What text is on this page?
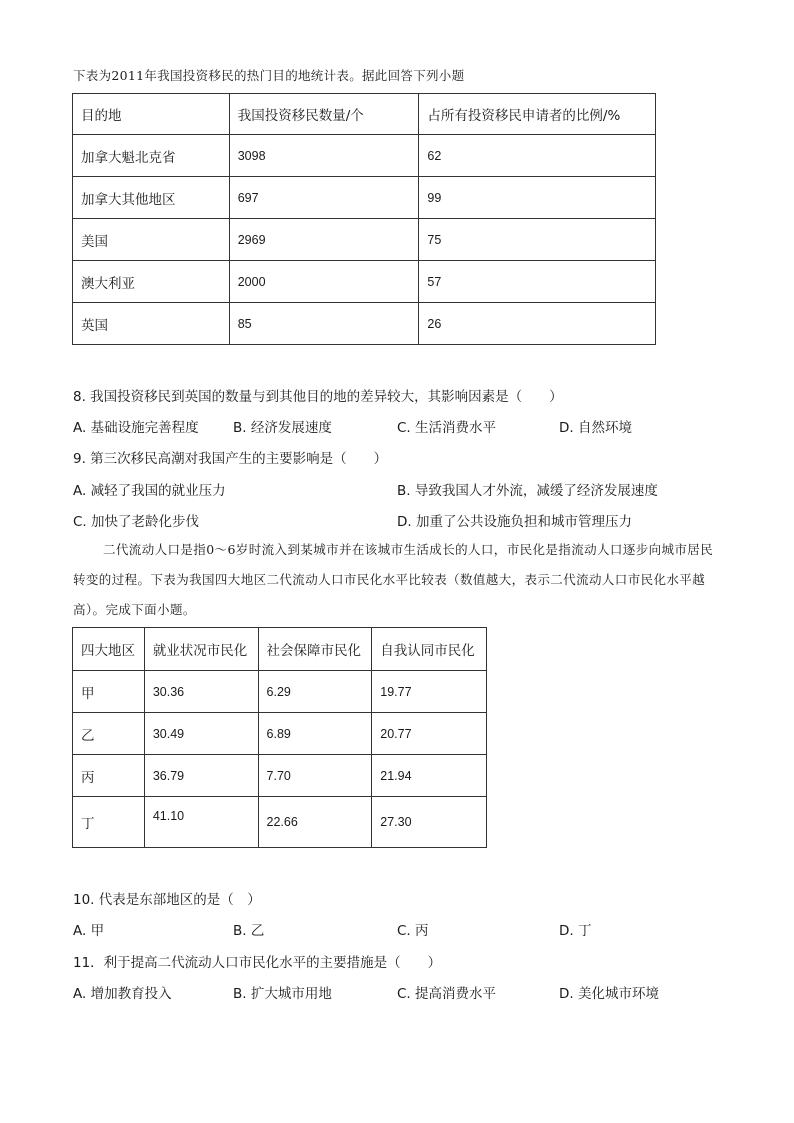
下表为2011年我国投资移民的热门目的地统计表。据此回答下列小题
目的地	我国投资移民数量/个	占所有投资移民申请者的比例/%
加拿大魁北克省	3098	62
加拿大其他地区	697	99
美国	2969	75
澳大利亚	2000	57
英国	85	26
8. 我国投资移民到英国的数量与到其他目的地的差异较大，其影响因素是（　　）
A. 基础设施完善程度	B. 经济发展速度	C. 生活消费水平	D. 自然环境
9. 第三次移民高潮对我国产生的主要影响是（　　）
A. 减轻了我国的就业压力	B. 导致我国人才外流，减缓了经济发展速度
C. 加快了老龄化步伐	D. 加重了公共设施负担和城市管理压力
二代流动人口是指0～6岁时流入到某城市并在该城市生活成长的人口，市民化是指流动人口逐步向城市居民转变的过程。下表为我国四大地区二代流动人口市民化水平比较表（数值越大，表示二代流动人口市民化水平越高）。完成下面小题。
四大地区	就业状况市民化	社会保障市民化	自我认同市民化
甲	30.36	6.29	19.77
乙	30.49	6.89	20.77
丙	36.79	7.70	21.94
丁	41.10	22.66	27.30
10. 代表是东部地区的是（　）
A. 甲	B. 乙	C. 丙	D. 丁
11．利于提高二代流动人口市民化水平的主要措施是（　　）
A. 增加教育投入	B. 扩大城市用地	C. 提高消费水平	D. 美化城市环境
